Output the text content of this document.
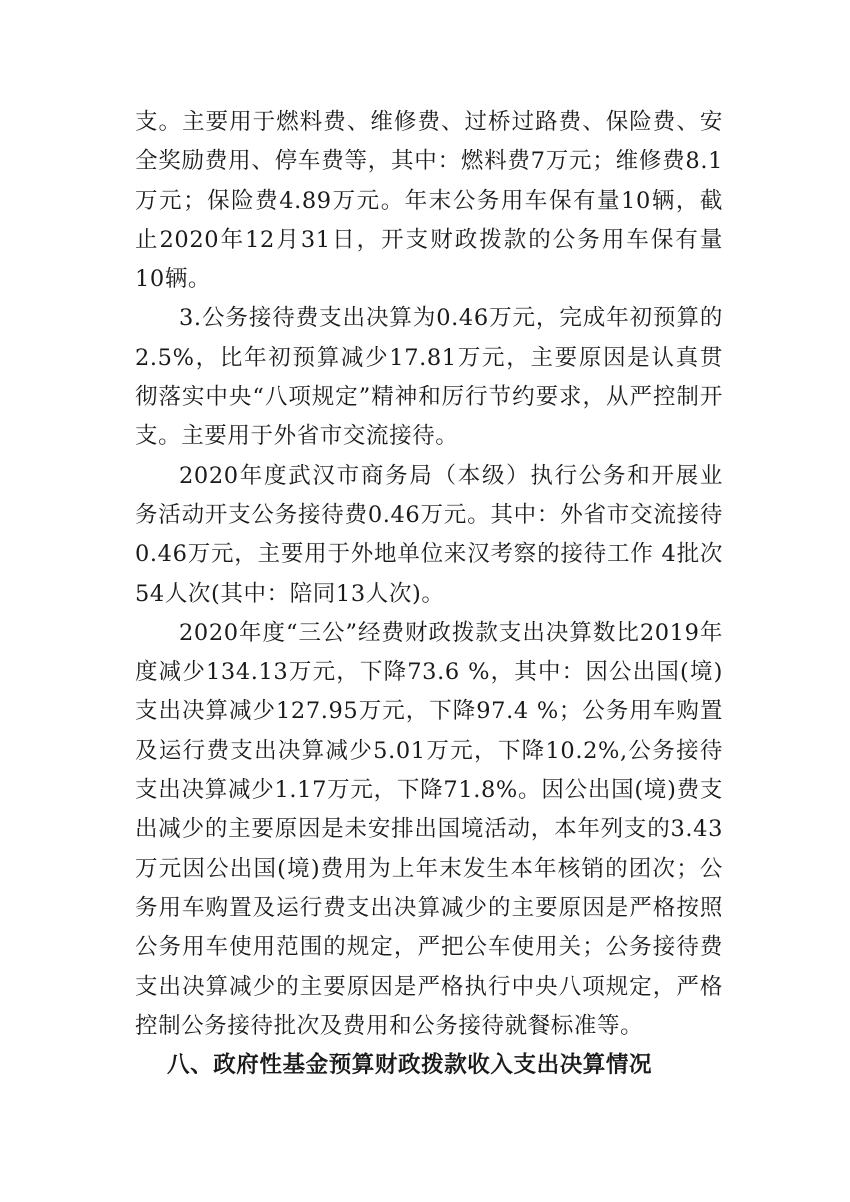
支。主要用于燃料费、维修费、过桥过路费、保险费、安全奖励费用、停车费等，其中：燃料费7万元；维修费8.1万元；保险费4.89万元。年末公务用车保有量10辆，截止2020年12月31日，开支财政拨款的公务用车保有量10辆。

3.公务接待费支出决算为0.46万元，完成年初预算的2.5%，比年初预算减少17.81万元，主要原因是认真贯彻落实中央“八项规定”精神和厉行节约要求，从严控制开支。主要用于外省市交流接待。

2020年度武汉市商务局（本级）执行公务和开展业务活动开支公务接待费0.46万元。其中：外省市交流接待0.46万元，主要用于外地单位来汉考察的接待工作 4批次54人次(其中：陪同13人次)。

2020年度“三公”经费财政拨款支出决算数比2019年度减少134.13万元，下降73.6 %，其中：因公出国(境)支出决算减少127.95万元，下降97.4 %；公务用车购置及运行费支出决算减少5.01万元，下降10.2%,公务接待支出决算减少1.17万元，下降71.8%。因公出国(境)费支出减少的主要原因是未安排出国境活动，本年列支的3.43万元因公出国(境)费用为上年末发生本年核销的团次；公务用车购置及运行费支出决算减少的主要原因是严格按照公务用车使用范围的规定，严把公车使用关；公务接待费支出决算减少的主要原因是严格执行中央八项规定，严格控制公务接待批次及费用和公务接待就餐标准等。

八、政府性基金预算财政拨款收入支出决算情况
